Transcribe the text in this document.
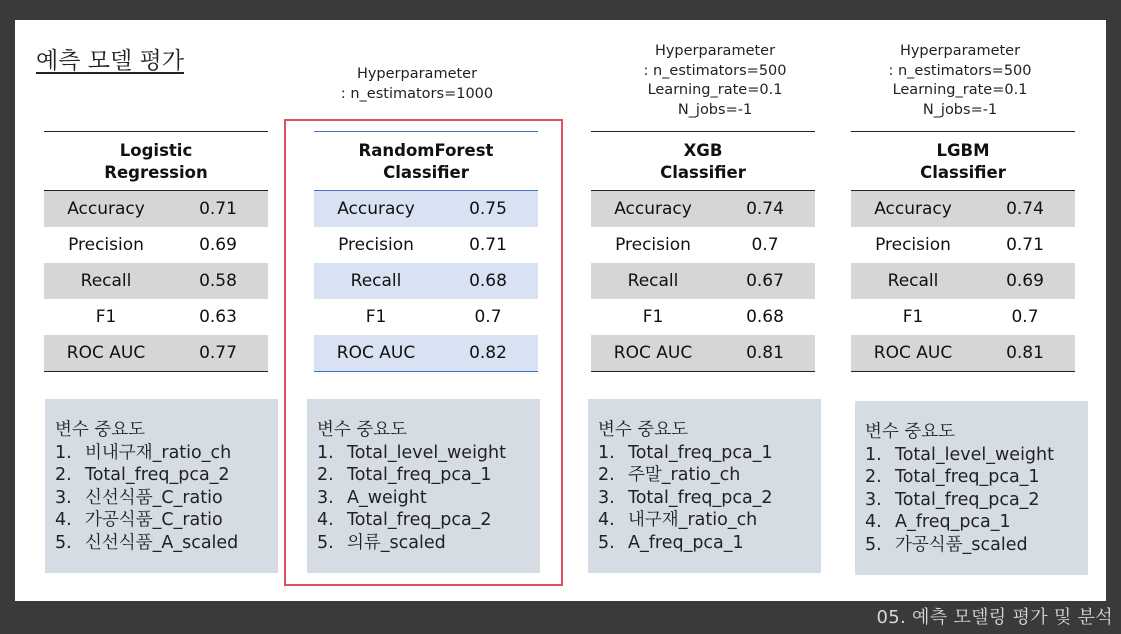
예측 모델 평가	Hyperparameter
: n_estimators=1000
Hyperparameter
: n_estimators=500
Learning_rate=0.1
N_jobs=-1
Hyperparameter
: n_estimators=500
Learning_rate=0.1
N_jobs=-1
Logistic
Regression	
Accuracy	0.71
Precision	0.69
Recall	0.58
F1	0.63
ROC AUC	0.77
RandomForest
Classifier	
Accuracy	0.75
Precision	0.71
Recall	0.68
F1	0.7
ROC AUC	0.82
XGB
Classifier	
Accuracy	0.74
Precision	0.7
Recall	0.67
F1	0.68
ROC AUC	0.81
LGBM
Classifier	
Accuracy	0.74
Precision	0.71
Recall	0.69
F1	0.7
ROC AUC	0.81
변수 중요도
1. 비내구재_ratio_ch
2. Total_freq_pca_2
3. 신선식품_C_ratio
4. 가공식품_C_ratio
5. 신선식품_A_scaled
변수 중요도
1. Total_level_weight
2. Total_freq_pca_1
3. A_weight
4. Total_freq_pca_2
5. 의류_scaled
변수 중요도
1. Total_freq_pca_1
2. 주말_ratio_ch
3. Total_freq_pca_2
4. 내구재_ratio_ch
5. A_freq_pca_1
변수 중요도
1. Total_level_weight
2. Total_freq_pca_1
3. Total_freq_pca_2
4. A_freq_pca_1
5. 가공식품_scaled
05. 예측 모델링 평가 및 분석
